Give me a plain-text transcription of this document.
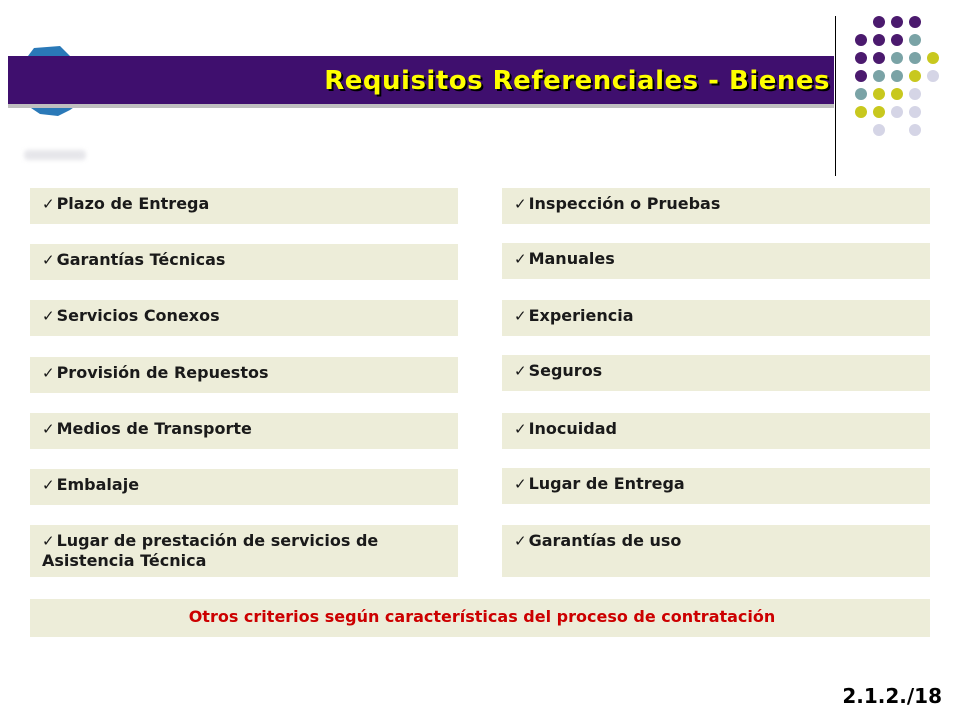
Requisitos Referenciales - Bienes
✓ Plazo de Entrega
✓ Garantías Técnicas
✓ Servicios Conexos
✓ Provisión de Repuestos
✓ Medios de Transporte
✓ Embalaje
✓ Lugar de prestación de servicios de Asistencia Técnica
✓ Inspección o Pruebas
✓ Manuales
✓ Experiencia
✓ Seguros
✓ Inocuidad
✓ Lugar de Entrega
✓ Garantías de uso
Otros criterios según características del proceso de contratación
2.1.2./18
